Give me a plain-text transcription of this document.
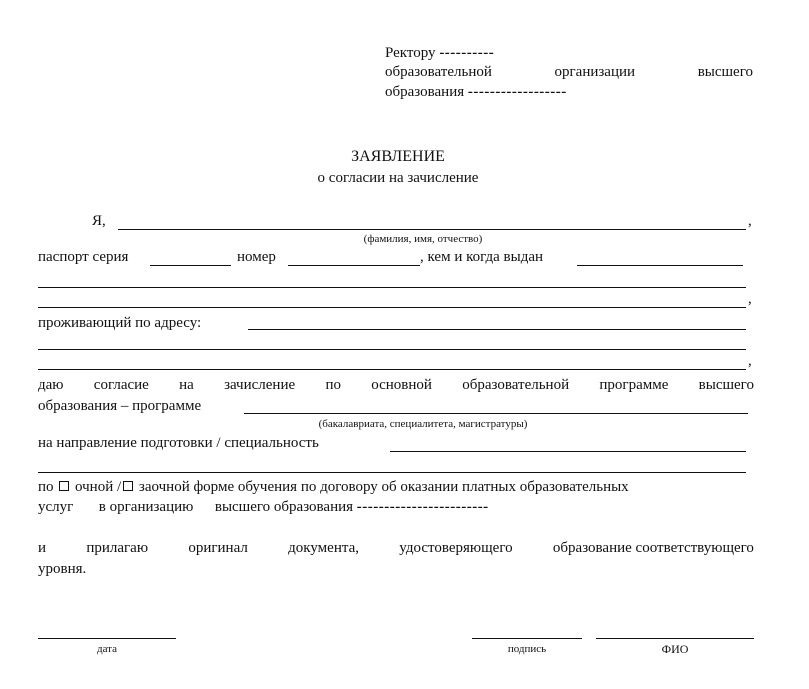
Ректору ----------
образовательной	организации	высшего
образования ------------------
ЗАЯВЛЕНИЕ
о согласии на зачисление
Я,	,
(фамилия, имя, отчество)
паспорт серия	номер	, кем и когда выдан
,
проживающий по адресу:
,
даю согласие на зачисление по основной образовательной программе высшего
образования – программе
(бакалавриата, специалитета, магистратуры)
на направление подготовки / специальность
по очной / заочной форме обучения по договору об оказании платных образовательных
услуг в организацию высшего образования ------------------------
и	прилагаю	оригинал	документа,	удостоверяющего	образование соответствующего
уровня.
дата	подпись	ФИО
